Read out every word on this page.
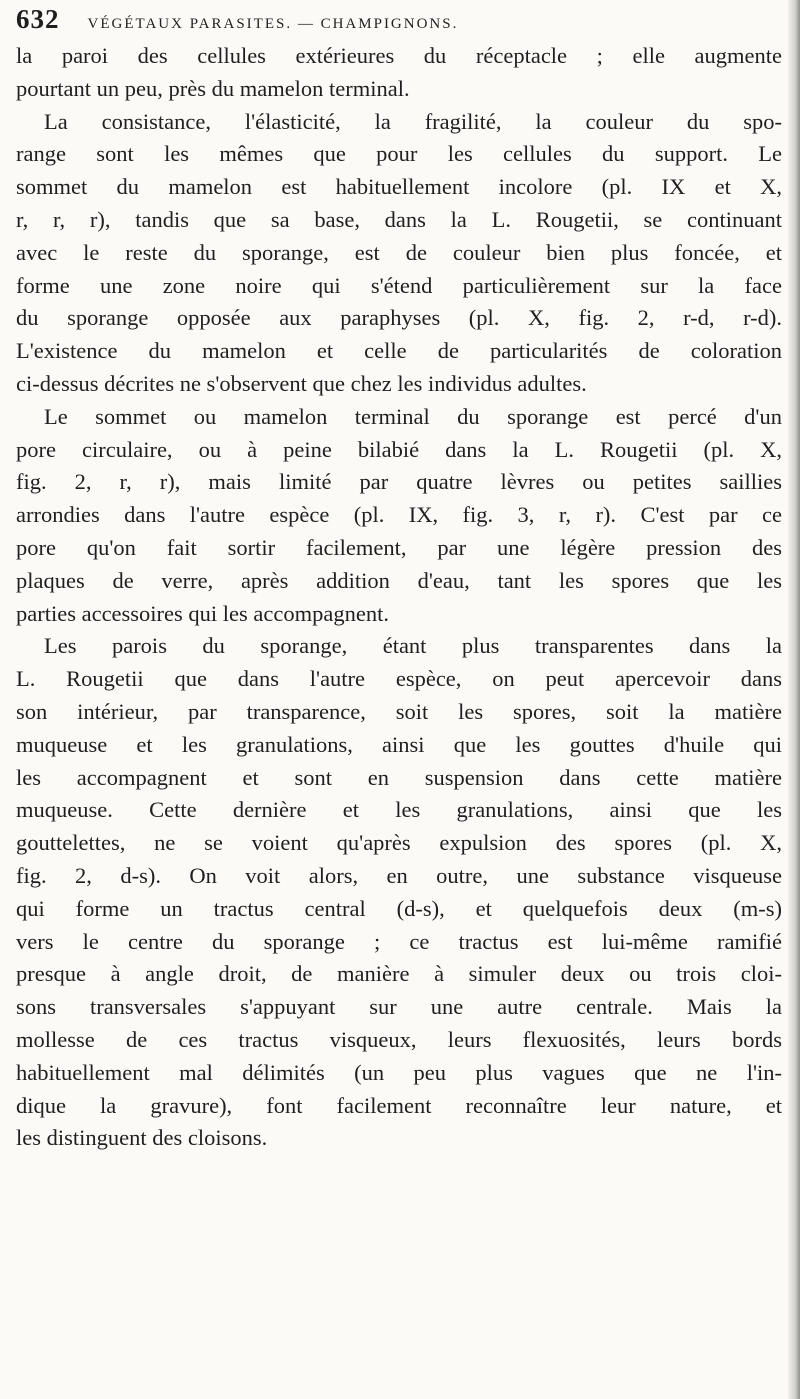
632 VÉGÉTAUX PARASITES. — CHAMPIGNONS.
la paroi des cellules extérieures du réceptacle ; elle augmente
pourtant un peu, près du mamelon terminal.
La consistance, l'élasticité, la fragilité, la couleur du spo-
range sont les mêmes que pour les cellules du support. Le
sommet du mamelon est habituellement incolore (pl. IX et X,
r, r, r), tandis que sa base, dans la L. Rougetii, se continuant
avec le reste du sporange, est de couleur bien plus foncée, et
forme une zone noire qui s'étend particulièrement sur la face
du sporange opposée aux paraphyses (pl. X, fig. 2, r-d, r-d).
L'existence du mamelon et celle de particularités de coloration
ci-dessus décrites ne s'observent que chez les individus adultes.
Le sommet ou mamelon terminal du sporange est percé d'un
pore circulaire, ou à peine bilabié dans la L. Rougetii (pl. X,
fig. 2, r, r), mais limité par quatre lèvres ou petites saillies
arrondies dans l'autre espèce (pl. IX, fig. 3, r, r). C'est par ce
pore qu'on fait sortir facilement, par une légère pression des
plaques de verre, après addition d'eau, tant les spores que les
parties accessoires qui les accompagnent.
Les parois du sporange, étant plus transparentes dans la
L. Rougetii que dans l'autre espèce, on peut apercevoir dans
son intérieur, par transparence, soit les spores, soit la matière
muqueuse et les granulations, ainsi que les gouttes d'huile qui
les accompagnent et sont en suspension dans cette matière
muqueuse. Cette dernière et les granulations, ainsi que les
gouttelettes, ne se voient qu'après expulsion des spores (pl. X,
fig. 2, d-s). On voit alors, en outre, une substance visqueuse
qui forme un tractus central (d-s), et quelquefois deux (m-s)
vers le centre du sporange ; ce tractus est lui-même ramifié
presque à angle droit, de manière à simuler deux ou trois cloi-
sons transversales s'appuyant sur une autre centrale. Mais la
mollesse de ces tractus visqueux, leurs flexuosités, leurs bords
habituellement mal délimités (un peu plus vagues que ne l'in-
dique la gravure), font facilement reconnaître leur nature, et
les distinguent des cloisons.
